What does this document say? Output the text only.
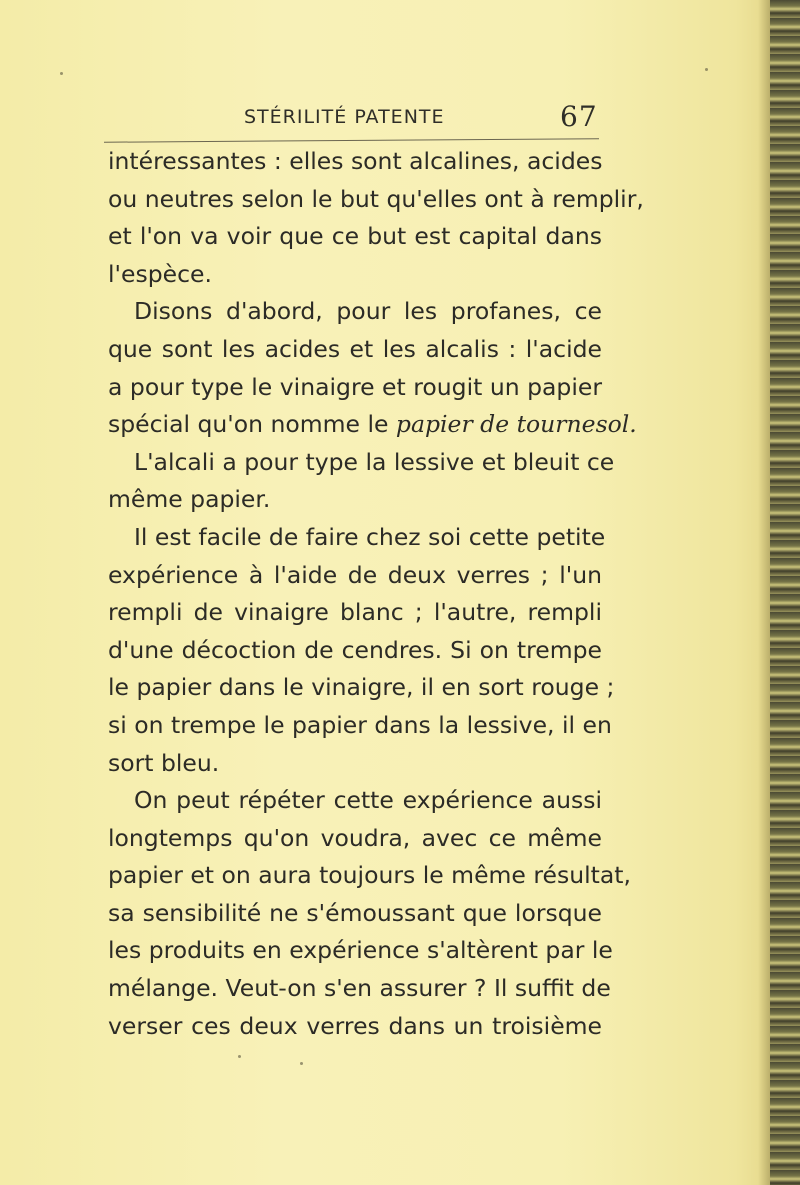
STÉRILITÉ PATENTE	67
intéressantes : elles sont alcalines, acides
ou neutres selon le but qu'elles ont à remplir,
et l'on va voir que ce but est capital dans
l'espèce.
Disons d'abord, pour les profanes, ce
que sont les acides et les alcalis : l'acide
a pour type le vinaigre et rougit un papier
spécial qu'on nomme le papier de tournesol.
L'alcali a pour type la lessive et bleuit ce
même papier.
Il est facile de faire chez soi cette petite
expérience à l'aide de deux verres ; l'un
rempli de vinaigre blanc ; l'autre, rempli
d'une décoction de cendres. Si on trempe
le papier dans le vinaigre, il en sort rouge ;
si on trempe le papier dans la lessive, il en
sort bleu.
On peut répéter cette expérience aussi
longtemps qu'on voudra, avec ce même
papier et on aura toujours le même résultat,
sa sensibilité ne s'émoussant que lorsque
les produits en expérience s'altèrent par le
mélange. Veut-on s'en assurer ? Il suffit de
verser ces deux verres dans un troisième
